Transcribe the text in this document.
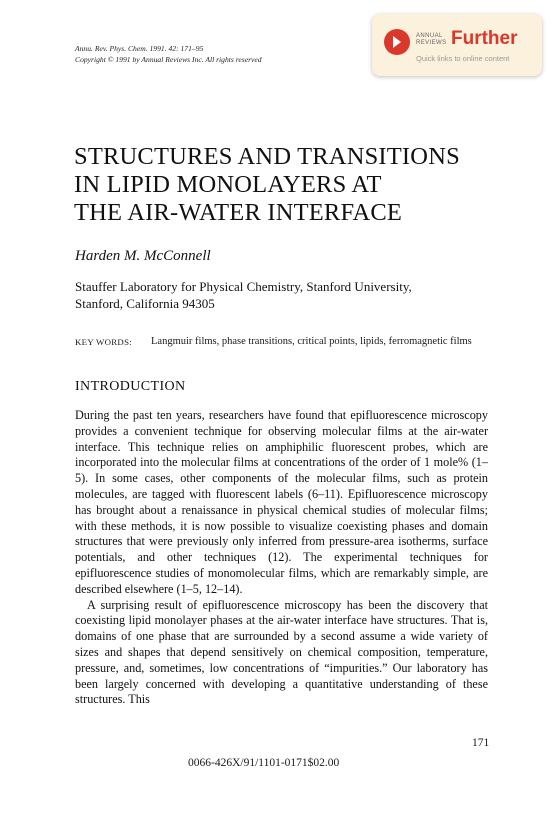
Annu. Rev. Phys. Chem. 1991. 42: 171–95
Copyright © 1991 by Annual Reviews Inc. All rights reserved
ANNUAL REVIEWS Further
Quick links to online content
STRUCTURES AND TRANSITIONS
IN LIPID MONOLAYERS AT
THE AIR-WATER INTERFACE
Harden M. McConnell
Stauffer Laboratory for Physical Chemistry, Stanford University,
Stanford, California 94305
KEY WORDS: Langmuir films, phase transitions, critical points, lipids, ferromagnetic films
INTRODUCTION

During the past ten years, researchers have found that epifluorescence microscopy provides a convenient technique for observing molecular films at the air-water interface. This technique relies on amphiphilic fluorescent probes, which are incorporated into the molecular films at concentrations of the order of 1 mole% (1–5). In some cases, other components of the molecular films, such as protein molecules, are tagged with fluorescent labels (6–11). Epifluorescence microscopy has brought about a renaissance in physical chemical studies of molecular films; with these methods, it is now possible to visualize coexisting phases and domain structures that were previously only inferred from pressure-area isotherms, surface potentials, and other techniques (12). The experimental techniques for epifluorescence studies of monomolecular films, which are remarkably simple, are described elsewhere (1–5, 12–14).

A surprising result of epifluorescence microscopy has been the discovery that coexisting lipid monolayer phases at the air-water interface have structures. That is, domains of one phase that are surrounded by a second assume a wide variety of sizes and shapes that depend sensitively on chemical composition, temperature, pressure, and, sometimes, low concentrations of “impurities.” Our laboratory has been largely concerned with developing a quantitative understanding of these structures. This

171
0066-426X/91/1101-0171$02.00
